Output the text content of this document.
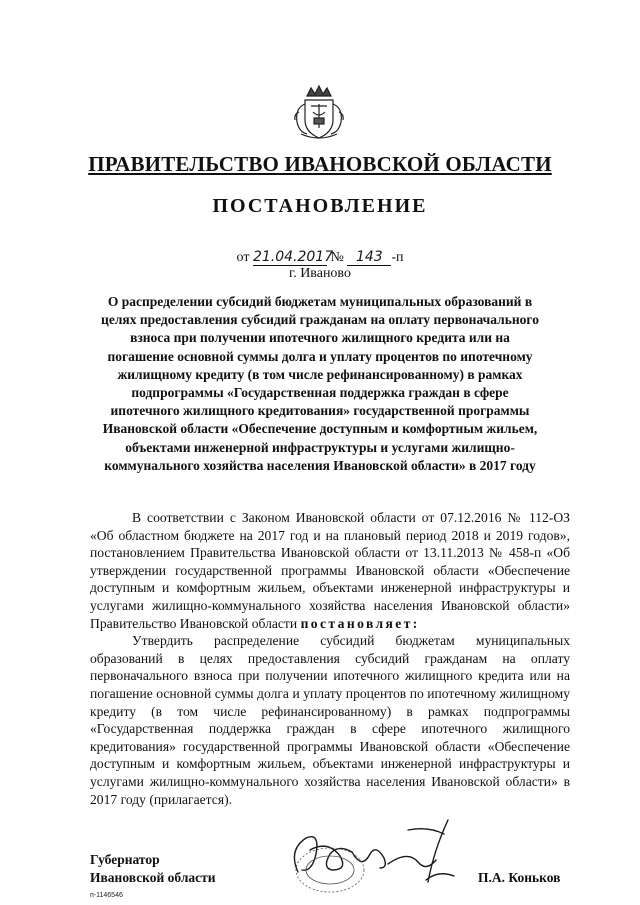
ПРАВИТЕЛЬСТВО ИВАНОВСКОЙ ОБЛАСТИ
ПОСТАНОВЛЕНИЕ
от 21.04.2017 № 143 -п
г. Иваново
О распределении субсидий бюджетам муниципальных образований в целях предоставления субсидий гражданам на оплату первоначального взноса при получении ипотечного жилищного кредита или на погашение основной суммы долга и уплату процентов по ипотечному жилищному кредиту (в том числе рефинансированному) в рамках подпрограммы «Государственная поддержка граждан в сфере ипотечного жилищного кредитования» государственной программы Ивановской области «Обеспечение доступным и комфортным жильем, объектами инженерной инфраструктуры и услугами жилищно-коммунального хозяйства населения Ивановской области» в 2017 году

В соответствии с Законом Ивановской области от 07.12.2016 № 112-ОЗ «Об областном бюджете на 2017 год и на плановый период 2018 и 2019 годов», постановлением Правительства Ивановской области от 13.11.2013 № 458-п «Об утверждении государственной программы Ивановской области «Обеспечение доступным и комфортным жильем, объектами инженерной инфраструктуры и услугами жилищно-коммунального хозяйства населения Ивановской области» Правительство Ивановской области постановляет:

Утвердить распределение субсидий бюджетам муниципальных образований в целях предоставления субсидий гражданам на оплату первоначального взноса при получении ипотечного жилищного кредита или на погашение основной суммы долга и уплату процентов по ипотечному жилищному кредиту (в том числе рефинансированному) в рамках подпрограммы «Государственная поддержка граждан в сфере ипотечного жилищного кредитования» государственной программы Ивановской области «Обеспечение доступным и комфортным жильем, объектами инженерной инфраструктуры и услугами жилищно-коммунального хозяйства населения Ивановской области» в 2017 году (прилагается).

Губернатор
Ивановской области	П.А. Коньков
п-1146546
